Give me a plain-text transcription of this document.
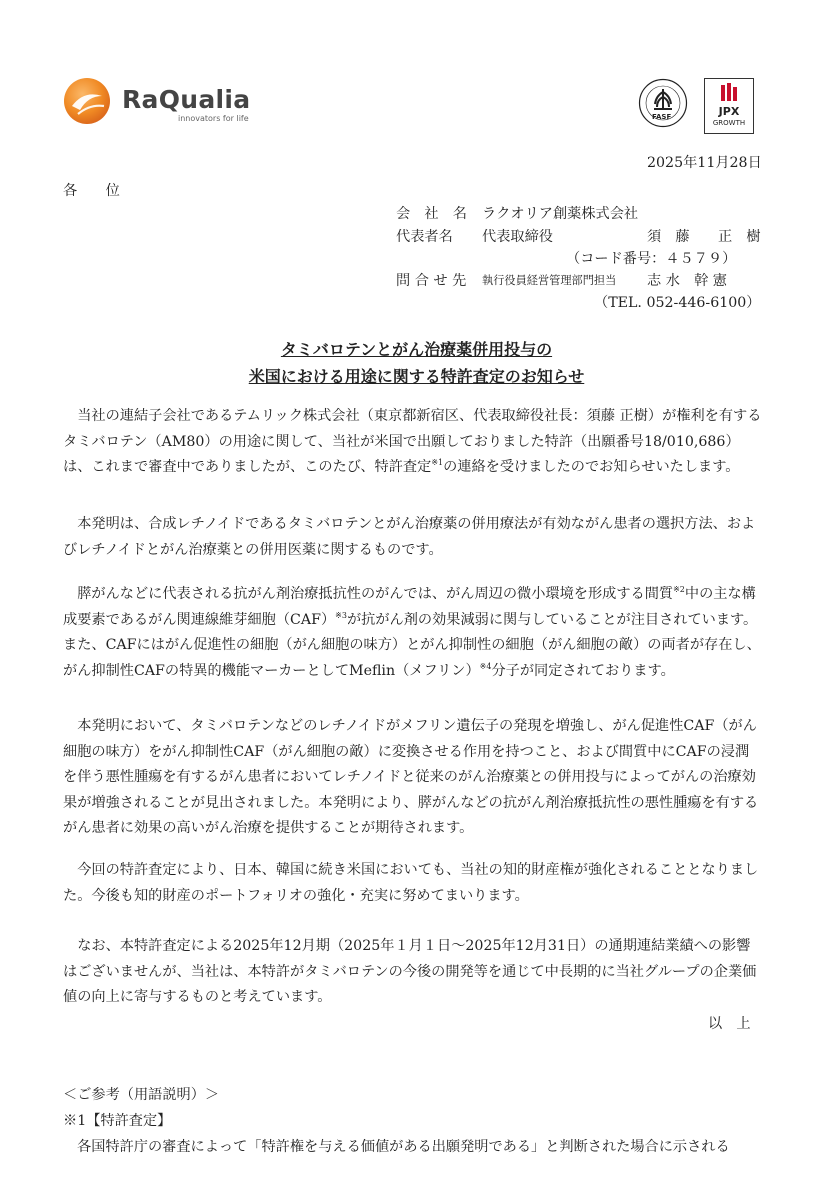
RaQualia
innovators for life	FASF	JPX
GROWTH
2025年11月28日
各　　位
会　社　名 ラクオリア創薬株式会社
代表者名 代表取締役	須　藤　　正　樹
（コード番号：４５７９）
問 合 せ 先 執行役員経営管理部門担当 志 水　幹 憲
（TEL. 052-446-6100）
タミバロテンとがん治療薬併用投与の
米国における用途に関する特許査定のお知らせ

当社の連結子会社であるテムリック株式会社（東京都新宿区、代表取締役社長：須藤 正樹）が権利を有するタミバロテン（AM80）の用途に関して、当社が米国で出願しておりました特許（出願番号18/010,686）は、これまで審査中でありましたが、このたび、特許査定$^{※1}$の連絡を受けましたのでお知らせいたします。

本発明は、合成レチノイドであるタミバロテンとがん治療薬の併用療法が有効ながん患者の選択方法、およびレチノイドとがん治療薬との併用医薬に関するものです。

膵がんなどに代表される抗がん剤治療抵抗性のがんでは、がん周辺の微小環境を形成する間質$^{※2}$中の主な構成要素であるがん関連線維芽細胞（CAF）$^{※3}$が抗がん剤の効果減弱に関与していることが注目されています。また、CAFにはがん促進性の細胞（がん細胞の味方）とがん抑制性の細胞（がん細胞の敵）の両者が存在し、がん抑制性CAFの特異的機能マーカーとしてMeflin（メフリン）$^{※4}$分子が同定されております。

本発明において、タミバロテンなどのレチノイドがメフリン遺伝子の発現を増強し、がん促進性CAF（がん細胞の味方）をがん抑制性CAF（がん細胞の敵）に変換させる作用を持つこと、および間質中にCAFの浸潤を伴う悪性腫瘍を有するがん患者においてレチノイドと従来のがん治療薬との併用投与によってがんの治療効果が増強されることが見出されました。本発明により、膵がんなどの抗がん剤治療抵抗性の悪性腫瘍を有するがん患者に効果の高いがん治療を提供することが期待されます。

今回の特許査定により、日本、韓国に続き米国においても、当社の知的財産権が強化されることとなりました。今後も知的財産のポートフォリオの強化・充実に努めてまいります。

なお、本特許査定による2025年12月期（2025年１月１日～2025年12月31日）の通期連結業績への影響はございませんが、当社は、本特許がタミバロテンの今後の開発等を通じて中長期的に当社グループの企業価値の向上に寄与するものと考えています。

以　上
＜ご参考（用語説明）＞
※1【特許査定】
各国特許庁の審査によって「特許権を与える価値がある出願発明である」と判断された場合に示される
